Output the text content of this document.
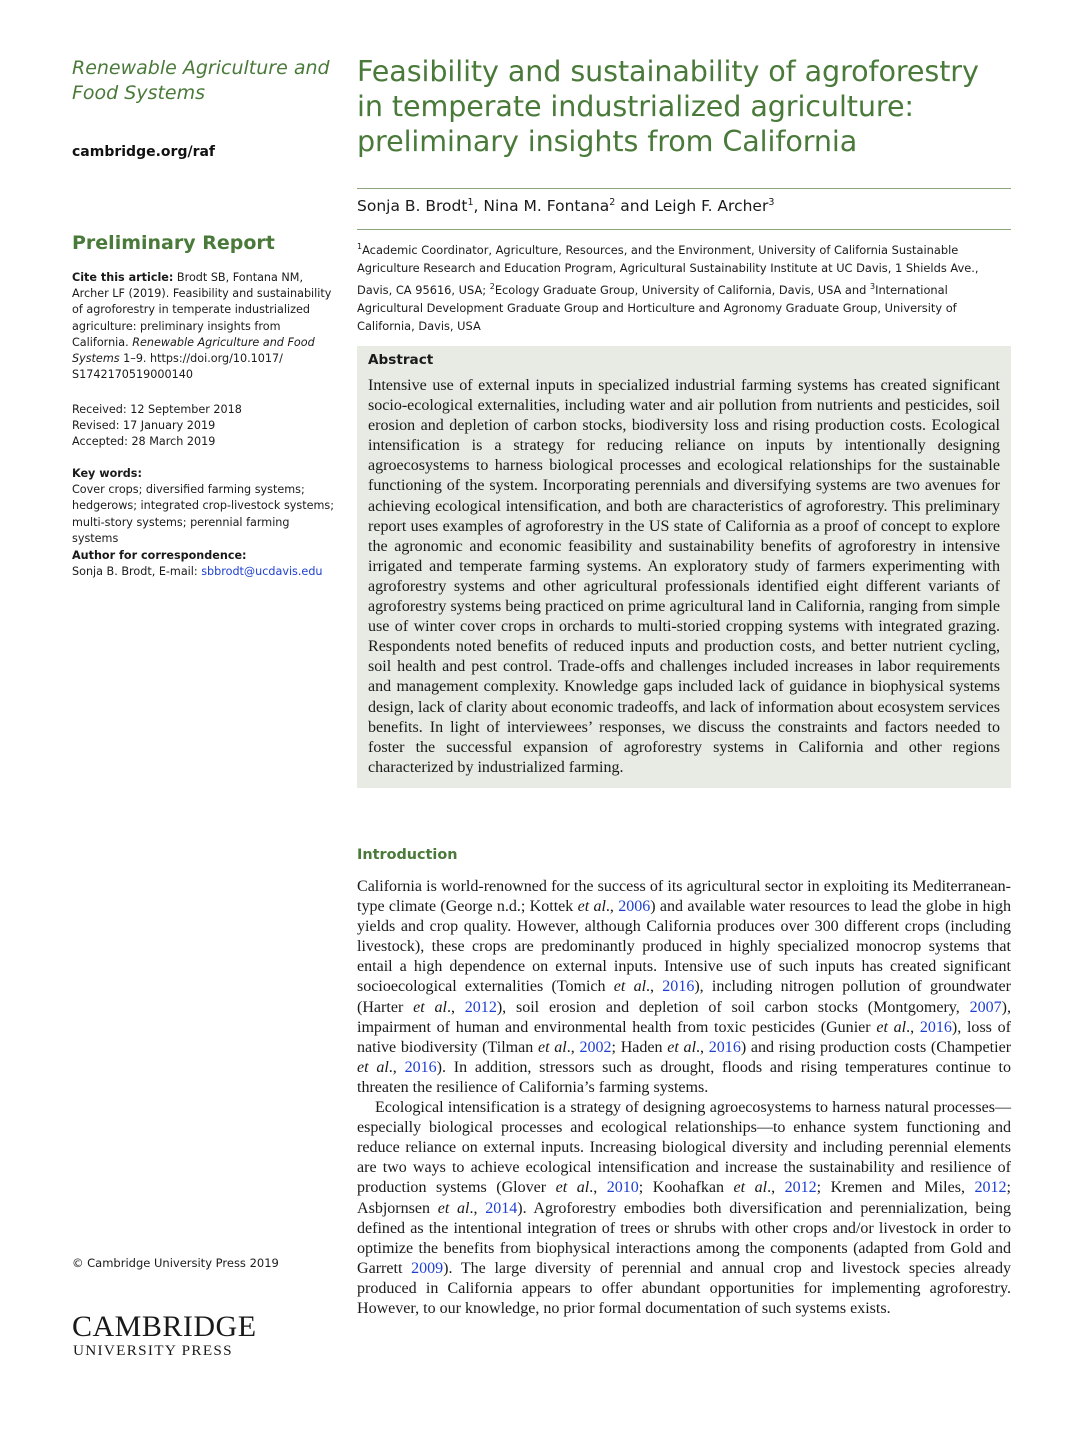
Renewable Agriculture and Food Systems
cambridge.org/raf
Preliminary Report
Cite this article: Brodt SB, Fontana NM, Archer LF (2019). Feasibility and sustainability of agroforestry in temperate industrialized agriculture: preliminary insights from California. Renewable Agriculture and Food Systems 1–9. https://doi.org/10.1017/ S1742170519000140
Received: 12 September 2018
Revised: 17 January 2019
Accepted: 28 March 2019
Key words:
Cover crops; diversified farming systems; hedgerows; integrated crop-livestock systems; multi-story systems; perennial farming systems
Author for correspondence:
Sonja B. Brodt, E-mail: sbbrodt@ucdavis.edu
© Cambridge University Press 2019
CAMBRIDGE
UNIVERSITY PRESS
Feasibility and sustainability of agroforestry in temperate industrialized agriculture: preliminary insights from California
Sonja B. Brodt$^1$, Nina M. Fontana$^2$ and Leigh F. Archer$^3$
$^1$Academic Coordinator, Agriculture, Resources, and the Environment, University of California Sustainable Agriculture Research and Education Program, Agricultural Sustainability Institute at UC Davis, 1 Shields Ave., Davis, CA 95616, USA; $^2$Ecology Graduate Group, University of California, Davis, USA and $^3$International Agricultural Development Graduate Group and Horticulture and Agronomy Graduate Group, University of California, Davis, USA
Abstract
Intensive use of external inputs in specialized industrial farming systems has created significant socio-ecological externalities, including water and air pollution from nutrients and pesticides, soil erosion and depletion of carbon stocks, biodiversity loss and rising production costs. Ecological intensification is a strategy for reducing reliance on inputs by intentionally designing agroecosystems to harness biological processes and ecological relationships for the sustainable functioning of the system. Incorporating perennials and diversifying systems are two avenues for achieving ecological intensification, and both are characteristics of agroforestry. This preliminary report uses examples of agroforestry in the US state of California as a proof of concept to explore the agronomic and economic feasibility and sustainability benefits of agroforestry in intensive irrigated and temperate farming systems. An exploratory study of farmers experimenting with agroforestry systems and other agricultural professionals identified eight different variants of agroforestry systems being practiced on prime agricultural land in California, ranging from simple use of winter cover crops in orchards to multi-storied cropping systems with integrated grazing. Respondents noted benefits of reduced inputs and production costs, and better nutrient cycling, soil health and pest control. Trade-offs and challenges included increases in labor requirements and management complexity. Knowledge gaps included lack of guidance in biophysical systems design, lack of clarity about economic tradeoffs, and lack of information about ecosystem services benefits. In light of interviewees’ responses, we discuss the constraints and factors needed to foster the successful expansion of agroforestry systems in California and other regions characterized by industrialized farming.
Introduction

California is world-renowned for the success of its agricultural sector in exploiting its Mediterranean-type climate (George n.d.; Kottek et al., 2006) and available water resources to lead the globe in high yields and crop quality. However, although California produces over 300 different crops (including livestock), these crops are predominantly produced in highly specialized monocrop systems that entail a high dependence on external inputs. Intensive use of such inputs has created significant socioecological externalities (Tomich et al., 2016), including nitrogen pollution of groundwater (Harter et al., 2012), soil erosion and depletion of soil carbon stocks (Montgomery, 2007), impairment of human and environmental health from toxic pesticides (Gunier et al., 2016), loss of native biodiversity (Tilman et al., 2002; Haden et al., 2016) and rising production costs (Champetier et al., 2016). In addition, stressors such as drought, floods and rising temperatures continue to threaten the resilience of California’s farming systems.

Ecological intensification is a strategy of designing agroecosystems to harness natural processes—especially biological processes and ecological relationships—to enhance system functioning and reduce reliance on external inputs. Increasing biological diversity and including perennial elements are two ways to achieve ecological intensification and increase the sustainability and resilience of production systems (Glover et al., 2010; Koohafkan et al., 2012; Kremen and Miles, 2012; Asbjornsen et al., 2014). Agroforestry embodies both diversification and perennialization, being defined as the intentional integration of trees or shrubs with other crops and/or livestock in order to optimize the benefits from biophysical interactions among the components (adapted from Gold and Garrett 2009). The large diversity of perennial and annual crop and livestock species already produced in California appears to offer abundant opportunities for implementing agroforestry. However, to our knowledge, no prior formal documentation of such systems exists.
